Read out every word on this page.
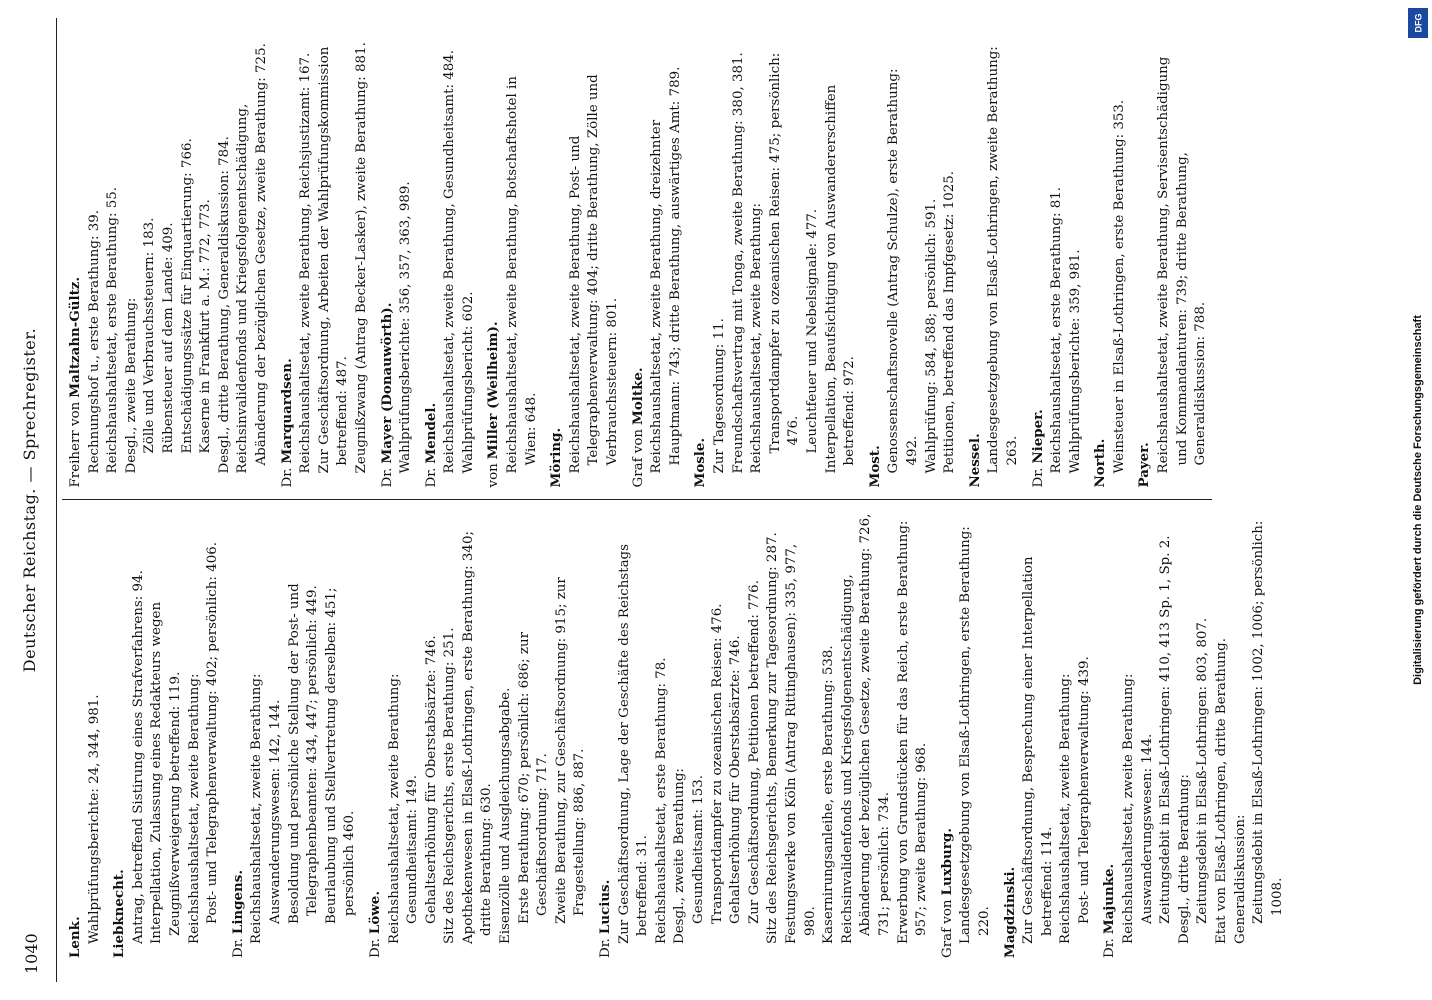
1040
Deutscher Reichstag. — Sprechregister.
Lenk. Wahlprüfungsberichte: 24, 344, 981. Liebknecht. Antrag, betreffend Sistirung eines Strafverfahrens: 94. Interpellation, Zulassung eines Redakteurs wegen Zeugnißverweigerung betreffend: 119. Reichshaushaltsetat, zweite Berathung: Post- und Telegraphenverwaltung: 402; persönlich: 406.
Dr.Lingens. Reichshaushaltsetat, zweite Berathung: Auswanderungswesen: 142, 144. Besoldung und persönliche Stellung der Post- und Telegraphenbeamten: 434, 447; persönlich: 449. Beurlaubung und Stellvertretung derselben: 451; persönlich 460.
Dr.Löwe. Reichshaushaltsetat, zweite Berathung: Gesundheitsamt: 149. Gehaltserhöhung für Oberstabsärzte: 746. Sitz des Reichsgerichts, erste Berathung: 251. Apothekenwesen in Elsaß-Lothringen, erste Berathung: 340; dritte Berathung: 630. Eisenzölle und Ausgleichungsabgabe. Erste Berathung: 670; persönlich: 686; zur Geschäftsordnung: 717. Zweite Berathung, zur Geschäftsordnung: 915; zur Fragestellung: 886, 887.
Dr.Lucius. Zur Geschäftsordnung, Lage der Geschäfte des Reichstags betreffend: 31. Reichshaushaltsetat, erste Berathung: 78. Desgl., zweite Berathung: Gesundheitsamt: 153. Transportdampfer zu ozeanischen Reisen: 476. Gehaltserhöhung für Oberstabsärzte: 746. Zur Geschäftsordnung, Petitionen betreffend: 776. Sitz des Reichsgerichts, Bemerkung zur Tagesordnung: 287. Festungswerke von Köln (Antrag Rittinghausen): 335, 977, 980. Kasernirungsanleihe, erste Berathung: 538. Reichsinvalidenfonds und Kriegsfolgenentschädigung, Abänderung der bezüglichen Gesetze, zweite Berathung: 726, 731; persönlich: 734. Erwerbung von Grundstücken für das Reich, erste Berathung: 957; zweite Berathung: 968. Graf vonLuxburg. Landesgesetzgebung von Elsaß-Lothringen, erste Berathung: 220. Magdzinski. Zur Geschäftsordnung, Besprechung einer Interpellation betreffend: 114. Reichshaushaltsetat, zweite Berathung: Post- und Telegraphenverwaltung: 439.
Dr.Majunke. Reichshaushaltsetat, zweite Berathung: Auswanderungswesen: 144. Zeitungsdebit in Elsaß-Lothringen: 410, 413 Sp. 1, Sp. 2. Desgl., dritte Berathung: Zeitungsdebit in Elsaß-Lothringen: 803, 807. Etat von Elsaß-Lothringen, dritte Berathung. Generaldiskussion: Zeitungsdebit in Elsaß-Lothringen: 1002, 1006; persönlich: 1008.
Freiherr vonMaltzahn-Gültz. Rechnungshof u., erste Berathung: 39. Reichshaushaltsetat, erste Berathung: 55. Desgl., zweite Berathung: Zölle und Verbrauchssteuern: 183. Rübensteuer auf dem Lande: 409. Entschädigungssätze für Einquartierung: 766. Kaserne in Frankfurt a. M.: 772, 773. Desgl., dritte Berathung, Generaldiskussion: 784. Reichsinvalidenfonds und Kriegsfolgenentschädigung, Abänderung der bezüglichen Gesetze, zweite Berathung: 725.
Dr.Marquardsen. Reichshaushaltsetat, zweite Berathung, Reichsjustizamt: 167. Zur Geschäftsordnung, Arbeiten der Wahlprüfungskommission betreffend: 487. Zeugnißzwang (Antrag Becker-Lasker), zweite Berathung: 881.
Dr.Mayer (Donauwörth). Wahlprüfungsberichte: 356, 357, 363, 989.
Dr.Mendel. Reichshaushaltsetat, zweite Berathung, Gesundheitsamt: 484. Wahlprüfungsbericht: 602.
vonMiller (Weilheim). Reichshaushaltsetat, zweite Berathung, Botschaftshotel in Wien: 648. Möring. Reichshaushaltsetat, zweite Berathung, Post- und Telegraphenverwaltung: 404; dritte Berathung, Zölle und Verbrauchssteuern: 801. Graf vonMoltke. Reichshaushaltsetat, zweite Berathung, dreizehnter Hauptmann: 743; dritte Berathung, auswärtiges Amt: 789. Mosle. Zur Tagesordnung: 11. Freundschaftsvertrag mit Tonga, zweite Berathung: 380, 381. Reichshaushaltsetat, zweite Berathung: Transportdampfer zu ozeanischen Reisen: 475; persönlich: 476. Leuchtfeuer und Nebelsignale: 477. Interpellation, Beaufsichtigung von Auswandererschiffen betreffend: 972.
Most. Genossenschaftsnovelle (Antrag Schulze), erste Berathung: 492. Wahlprüfung: 584, 588; persönlich: 591. Petitionen, betreffend das Impfgesetz: 1025. Nessel. Landesgesetzgebung von Elsaß-Lothringen, zweite Berathung: 263.
Dr.Nieper. Reichshaushaltsetat, erste Berathung: 81. Wahlprüfungsberichte: 359, 981. North. Weinsteuer in Elsaß-Lothringen, erste Berathung: 353. Payer. Reichshaushaltsetat, zweite Berathung, Servisentschädigung und Kommandanturen: 739; dritte Berathung, Generaldiskussion: 788.
DFG
Digitalisierung gefördert durch die Deutsche Forschungsgemeinschaft
